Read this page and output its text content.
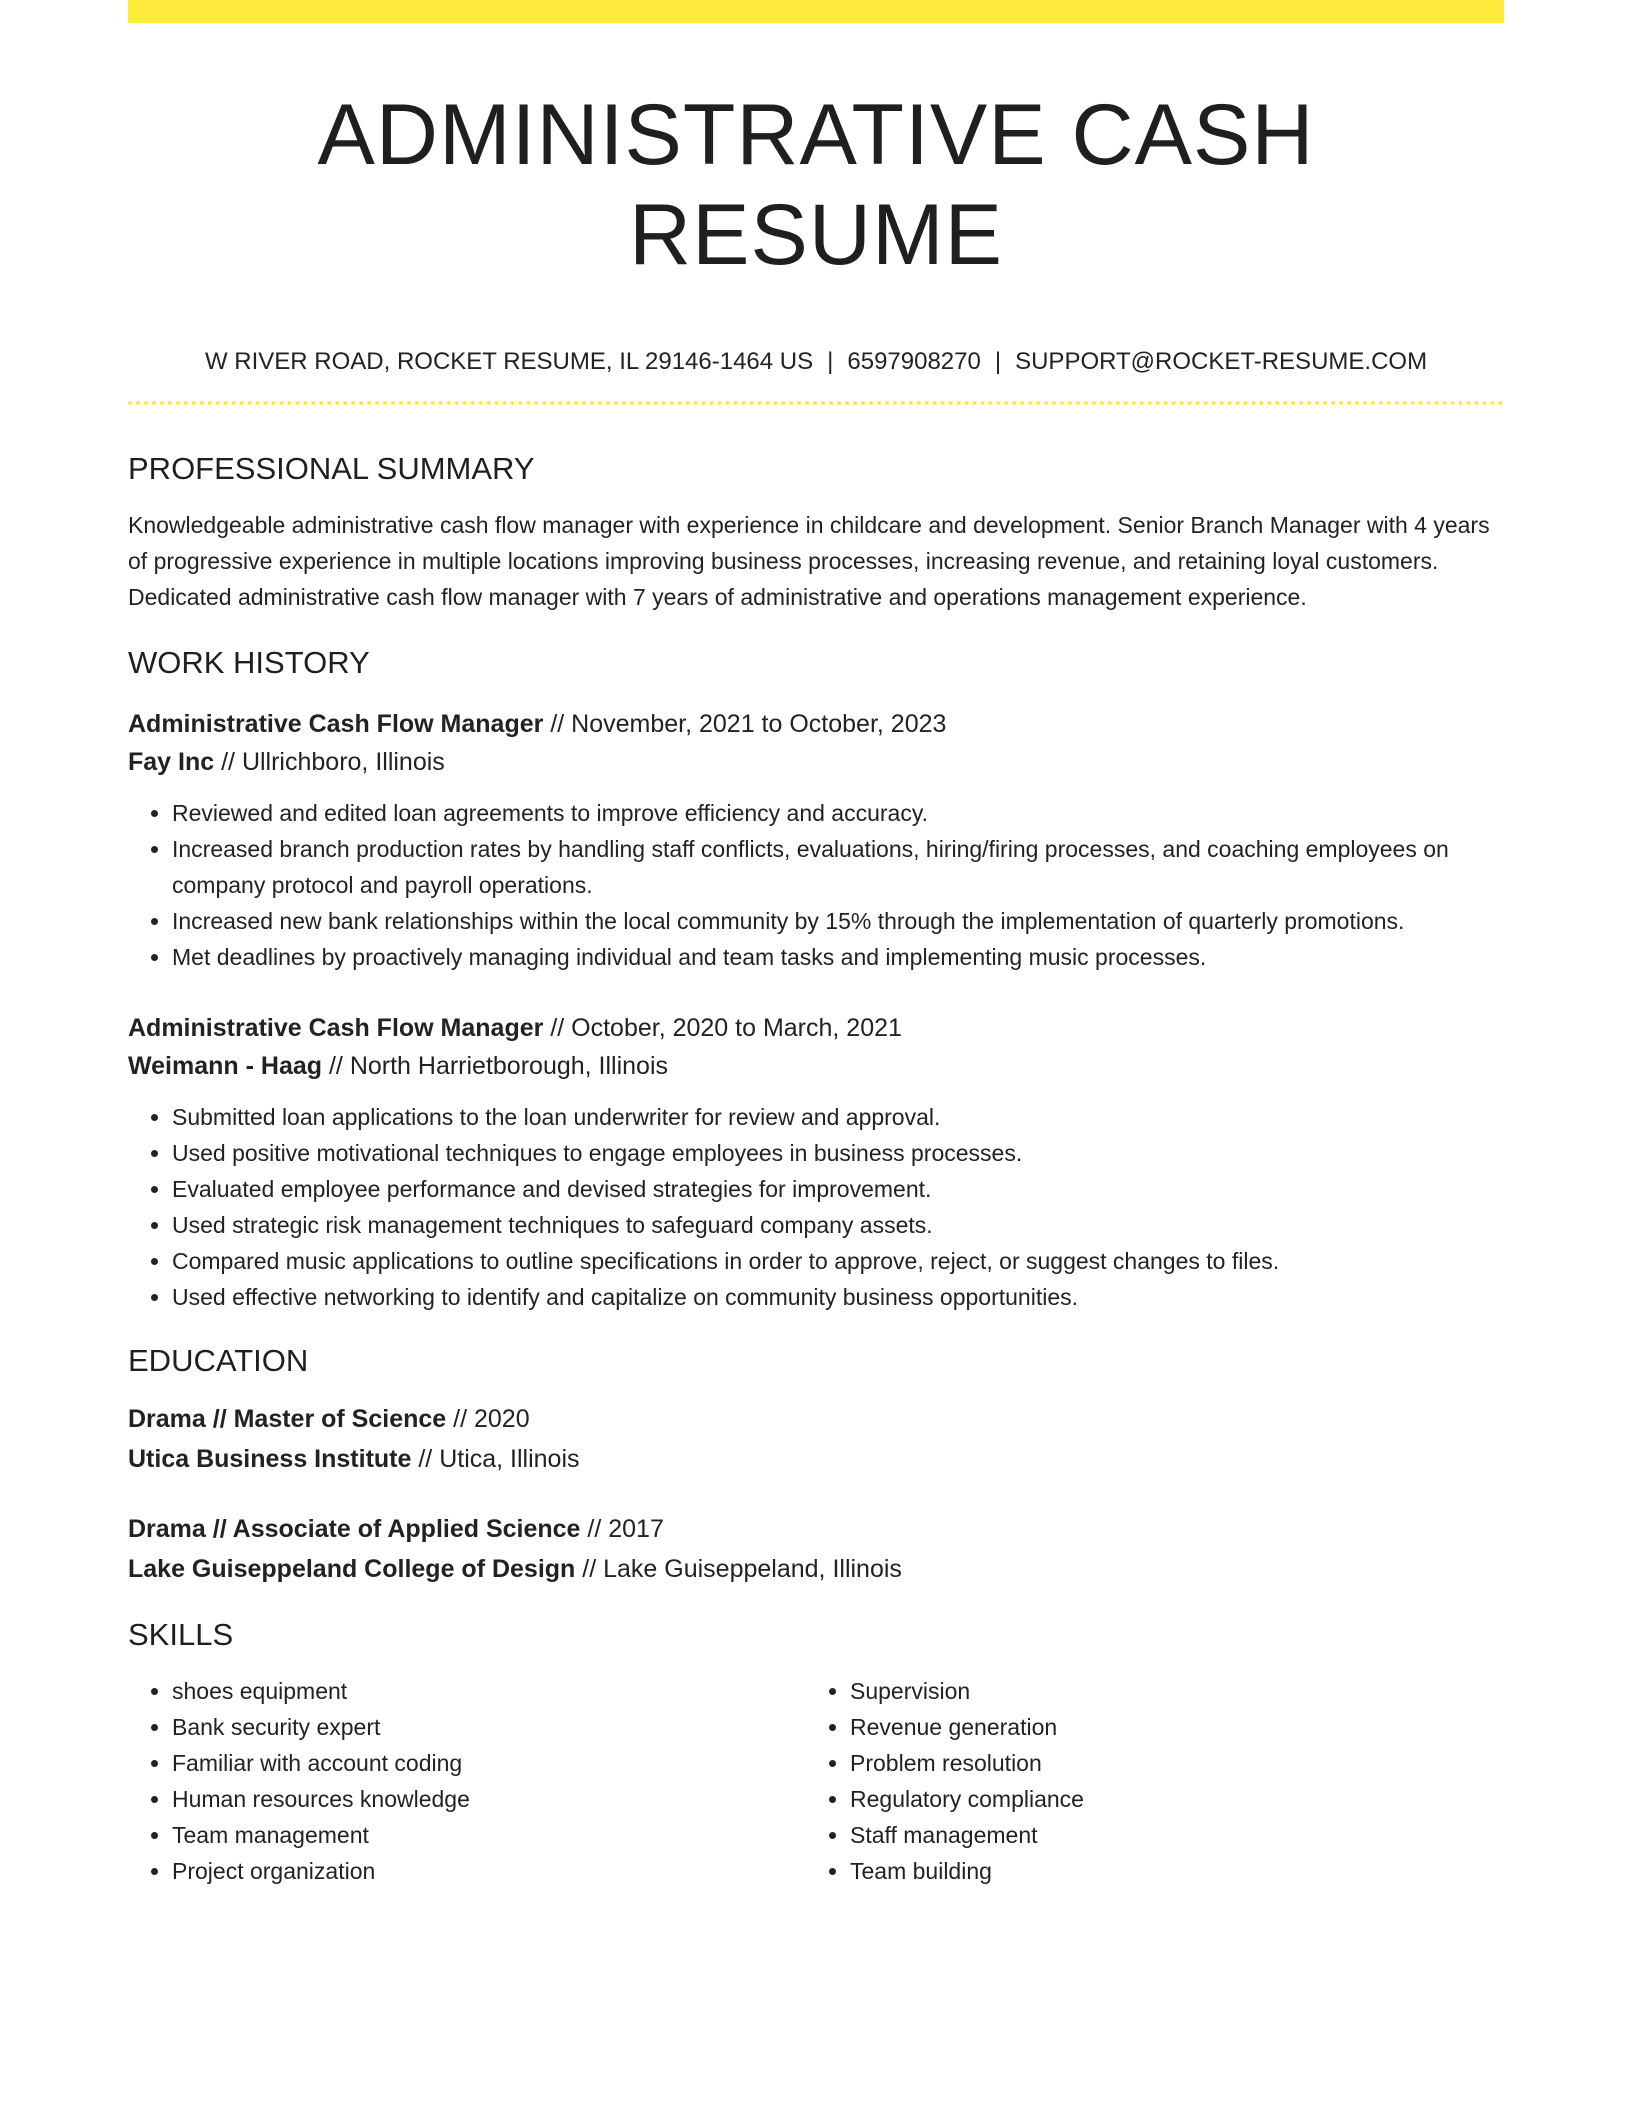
ADMINISTRATIVE CASH RESUME
W RIVER ROAD, ROCKET RESUME, IL 29146-1464 US | 6597908270 | SUPPORT@ROCKET-RESUME.COM
PROFESSIONAL SUMMARY
Knowledgeable administrative cash flow manager with experience in childcare and development. Senior Branch Manager with 4 years of progressive experience in multiple locations improving business processes, increasing revenue, and retaining loyal customers. Dedicated administrative cash flow manager with 7 years of administrative and operations management experience.
WORK HISTORY
Administrative Cash Flow Manager // November, 2021 to October, 2023
Fay Inc // Ullrichboro, Illinois
• Reviewed and edited loan agreements to improve efficiency and accuracy.
• Increased branch production rates by handling staff conflicts, evaluations, hiring/firing processes, and coaching employees on company protocol and payroll operations.
• Increased new bank relationships within the local community by 15% through the implementation of quarterly promotions.
• Met deadlines by proactively managing individual and team tasks and implementing music processes.
Administrative Cash Flow Manager // October, 2020 to March, 2021
Weimann - Haag // North Harrietborough, Illinois
• Submitted loan applications to the loan underwriter for review and approval.
• Used positive motivational techniques to engage employees in business processes.
• Evaluated employee performance and devised strategies for improvement.
• Used strategic risk management techniques to safeguard company assets.
• Compared music applications to outline specifications in order to approve, reject, or suggest changes to files.
• Used effective networking to identify and capitalize on community business opportunities.
EDUCATION
Drama // Master of Science // 2020
Utica Business Institute // Utica, Illinois
Drama // Associate of Applied Science // 2017
Lake Guiseppeland College of Design // Lake Guiseppeland, Illinois
SKILLS
• shoes equipment
• Bank security expert
• Familiar with account coding
• Human resources knowledge
• Team management
• Project organization
• Supervision
• Revenue generation
• Problem resolution
• Regulatory compliance
• Staff management
• Team building
